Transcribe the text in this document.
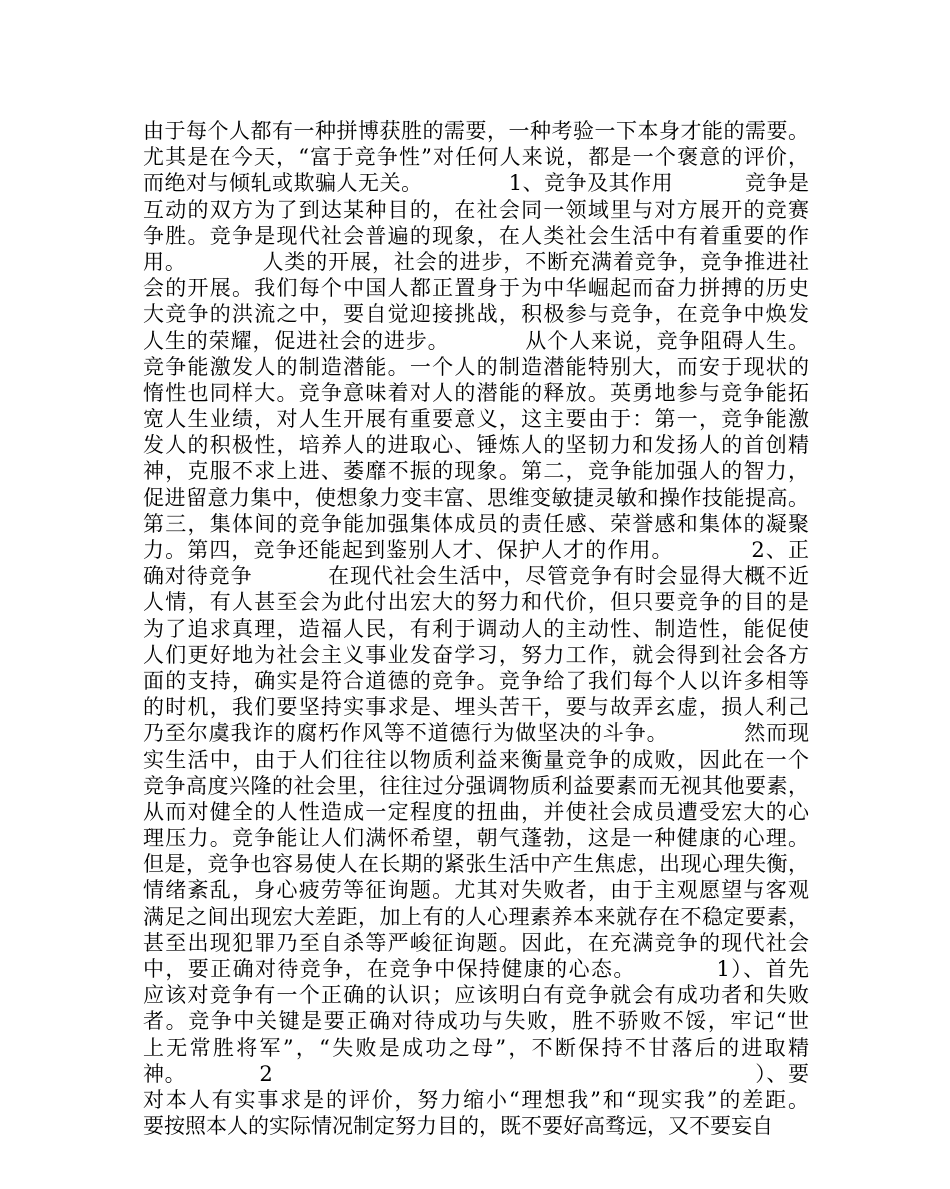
由于每个人都有一种拼博获胜的需要，一种考验一下本身才能的需要。
尤其是在今天，“富于竞争性”对任何人来说，都是一个褒意的评价，
而绝对与倾轧或欺骗人无关。            1、竞争及其作用          竞争是
互动的双方为了到达某种目的，在社会同一领域里与对方展开的竞赛
争胜。竞争是现代社会普遍的现象，在人类社会生活中有着重要的作
用。          人类的开展，社会的进步，不断充满着竞争，竞争推进社
会的开展。我们每个中国人都正置身于为中华崛起而奋力拼搏的历史
大竞争的洪流之中，要自觉迎接挑战，积极参与竞争，在竞争中焕发
人生的荣耀，促进社会的进步。          从个人来说，竞争阻碍人生。
竞争能激发人的制造潜能。一个人的制造潜能特别大，而安于现状的
惰性也同样大。竞争意味着对人的潜能的释放。英勇地参与竞争能拓
宽人生业绩，对人生开展有重要意义，这主要由于：第一，竞争能激
发人的积极性，培养人的进取心、锤炼人的坚韧力和发扬人的首创精
神，克服不求上进、萎靡不振的现象。第二，竞争能加强人的智力，
促进留意力集中，使想象力变丰富、思维变敏捷灵敏和操作技能提高。
第三，集体间的竞争能加强集体成员的责任感、荣誉感和集体的凝聚
力。第四，竞争还能起到鉴别人才、保护人才的作用。          2、正
确对待竞争          在现代社会生活中，尽管竞争有时会显得大概不近
人情，有人甚至会为此付出宏大的努力和代价，但只要竞争的目的是
为了追求真理，造福人民，有利于调动人的主动性、制造性，能促使
人们更好地为社会主义事业发奋学习，努力工作，就会得到社会各方
面的支持，确实是符合道德的竞争。竞争给了我们每个人以许多相等
的时机，我们要坚持实事求是、埋头苦干，要与故弄玄虚，损人利己
乃至尔虞我诈的腐朽作风等不道德行为做坚决的斗争。          然而现
实生活中，由于人们往往以物质利益来衡量竞争的成败，因此在一个
竞争高度兴隆的社会里，往往过分强调物质利益要素而无视其他要素，
从而对健全的人性造成一定程度的扭曲，并使社会成员遭受宏大的心
理压力。竞争能让人们满怀希望，朝气蓬勃，这是一种健康的心理。
但是，竞争也容易使人在长期的紧张生活中产生焦虑，出现心理失衡，
情绪紊乱，身心疲劳等征询题。尤其对失败者，由于主观愿望与客观
满足之间出现宏大差距，加上有的人心理素养本来就存在不稳定要素，
甚至出现犯罪乃至自杀等严峻征询题。因此，在充满竞争的现代社会
中，要正确对待竞争，在竞争中保持健康的心态。          1）、首先
应该对竞争有一个正确的认识；应该明白有竞争就会有成功者和失败
者。竞争中关键是要正确对待成功与失败，胜不骄败不馁，牢记“世
上无常胜将军”，“失败是成功之母”，不断保持不甘落后的进取精
神。          2                                                                  ）、要
对本人有实事求是的评价，努力缩小“理想我”和“现实我”的差距。
要按照本人的实际情况制定努力目的，既不要好高骛远，又不要妄自
